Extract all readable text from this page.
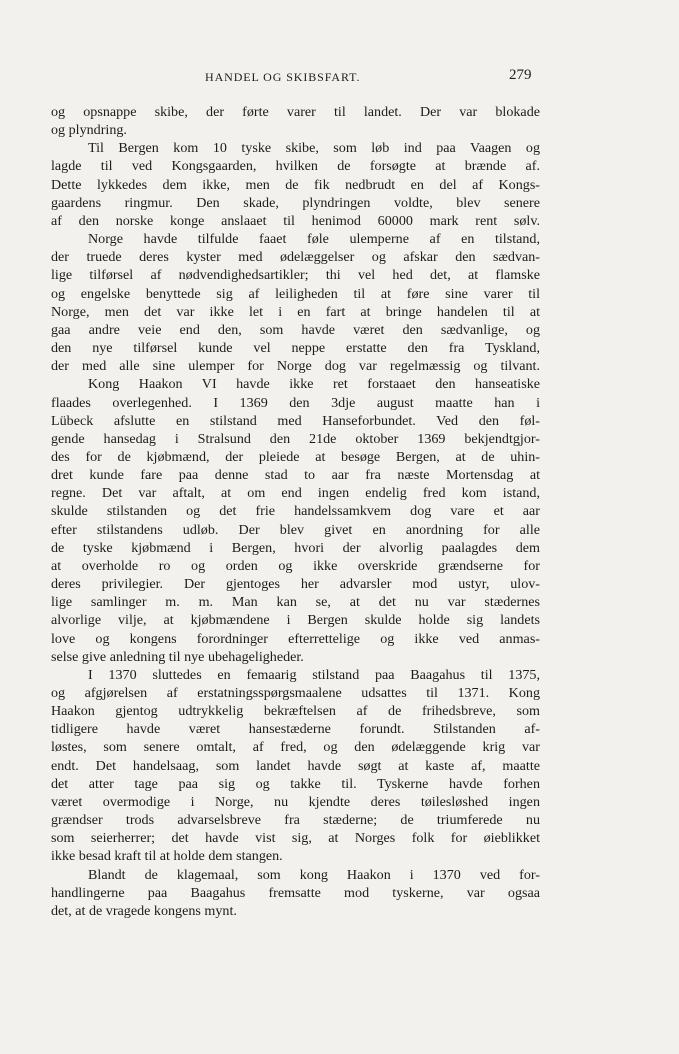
HANDEL OG SKIBSFART.	279
og opsnappe skibe, der førte varer til landet. Der var blokade
og plyndring.
Til Bergen kom 10 tyske skibe, som løb ind paa Vaagen og
lagde til ved Kongsgaarden, hvilken de forsøgte at brænde af.
Dette lykkedes dem ikke, men de fik nedbrudt en del af Kongs-
gaardens ringmur. Den skade, plyndringen voldte, blev senere
af den norske konge anslaaet til henimod 60000 mark rent sølv.
Norge havde tilfulde faaet føle ulemperne af en tilstand,
der truede deres kyster med ødelæggelser og afskar den sædvan-
lige tilførsel af nødvendighedsartikler; thi vel hed det, at flamske
og engelske benyttede sig af leiligheden til at føre sine varer til
Norge, men det var ikke let i en fart at bringe handelen til at
gaa andre veie end den, som havde været den sædvanlige, og
den nye tilførsel kunde vel neppe erstatte den fra Tyskland,
der med alle sine ulemper for Norge dog var regelmæssig og tilvant.
Kong Haakon VI havde ikke ret forstaaet den hanseatiske
flaades overlegenhed. I 1369 den 3dje august maatte han i
Lübeck afslutte en stilstand med Hanseforbundet. Ved den føl-
gende hansedag i Stralsund den 21de oktober 1369 bekjendtgjor-
des for de kjøbmænd, der pleiede at besøge Bergen, at de uhin-
dret kunde fare paa denne stad to aar fra næste Mortensdag at
regne. Det var aftalt, at om end ingen endelig fred kom istand,
skulde stilstanden og det frie handelssamkvem dog vare et aar
efter stilstandens udløb. Der blev givet en anordning for alle
de tyske kjøbmænd i Bergen, hvori der alvorlig paalagdes dem
at overholde ro og orden og ikke overskride grændserne for
deres privilegier. Der gjentoges her advarsler mod ustyr, ulov-
lige samlinger m. m. Man kan se, at det nu var stædernes
alvorlige vilje, at kjøbmændene i Bergen skulde holde sig landets
love og kongens forordninger efterrettelige og ikke ved anmas-
selse give anledning til nye ubehageligheder.
I 1370 sluttedes en femaarig stilstand paa Baagahus til 1375,
og afgjørelsen af erstatningsspørgsmaalene udsattes til 1371. Kong
Haakon gjentog udtrykkelig bekræftelsen af de frihedsbreve, som
tidligere havde været hansestæderne forundt. Stilstanden af-
løstes, som senere omtalt, af fred, og den ødelæggende krig var
endt. Det handelsaag, som landet havde søgt at kaste af, maatte
det atter tage paa sig og takke til. Tyskerne havde forhen
været overmodige i Norge, nu kjendte deres tøilesløshed ingen
grændser trods advarselsbreve fra stæderne; de triumferede nu
som seierherrer; det havde vist sig, at Norges folk for øieblikket
ikke besad kraft til at holde dem stangen.
Blandt de klagemaal, som kong Haakon i 1370 ved for-
handlingerne paa Baagahus fremsatte mod tyskerne, var ogsaa
det, at de vragede kongens mynt.
